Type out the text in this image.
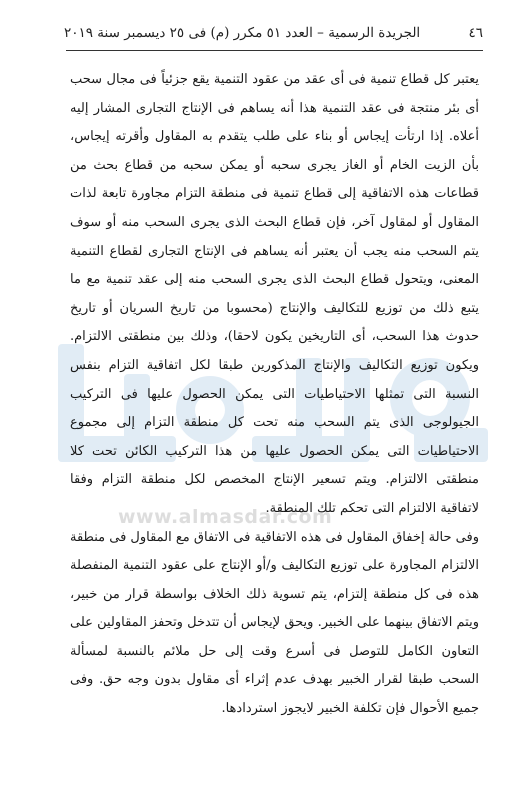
٤٦
الجريدة الرسمية – العدد ٥١ مكرر (م) فى ٢٥ ديسمبر سنة ٢٠١٩
المصدر

يعتبر كل قطاع تنمية فى أى عقد من عقود التنمية يقع جزئياً فى مجال سحب أى بئر منتجة فى عقد التنمية هذا أنه يساهم فى الإنتاج التجارى المشار إليه أعلاه. إذا ارتأت إيجاس أو بناء على طلب يتقدم به المقاول وأقرته إيجاس، بأن الزيت الخام أو الغاز يجرى سحبه أو يمكن سحبه من قطاع بحث من قطاعات هذه الاتفاقية إلى قطاع تنمية فى منطقة التزام مجاورة تابعة لذات المقاول أو لمقاول آخر، فإن قطاع البحث الذى يجرى السحب منه أو سوف يتم السحب منه يجب أن يعتبر أنه يساهم فى الإنتاج التجارى لقطاع التنمية المعنى، ويتحول قطاع البحث الذى يجرى السحب منه إلى عقد تنمية مع ما يتبع ذلك من توزيع للتكاليف والإنتاج (محسوبا من تاريخ السريان أو تاريخ حدوث هذا السحب، أى التاريخين يكون لاحقا)، وذلك بين منطقتى الالتزام. ويكون توزيع التكاليف والإنتاج المذكورين طبقا لكل اتفاقية التزام بنفس النسبة التى تمثلها الاحتياطيات التى يمكن الحصول عليها فى التركيب الجيولوجى الذى يتم السحب منه تحت كل منطقة التزام إلى مجموع الاحتياطيات التى يمكن الحصول عليها من هذا التركيب الكائن تحت كلا منطقتى الالتزام. ويتم تسعير الإنتاج المخصص لكل منطقة التزام وفقا لاتفاقية الالتزام التى تحكم تلك المنطقة.

وفى حالة إخفاق المقاول فى هذه الاتفاقية فى الاتفاق مع المقاول فى منطقة الالتزام المجاورة على توزيع التكاليف و/أو الإنتاج على عقود التنمية المنفصلة هذه فى كل منطقة إلتزام، يتم تسوية ذلك الخلاف بواسطة قرار من خبير، ويتم الاتفاق بينهما على الخبير. ويحق لإيجاس أن تتدخل وتحفز المقاولين على التعاون الكامل للتوصل فى أسرع وقت إلى حل ملائم بالنسبة لمسألة السحب طبقا لقرار الخبير بهدف عدم إثراء أى مقاول بدون وجه حق. وفى جميع الأحوال فإن تكلفة الخبير لايجوز استردادها.

www.almasdar.com
